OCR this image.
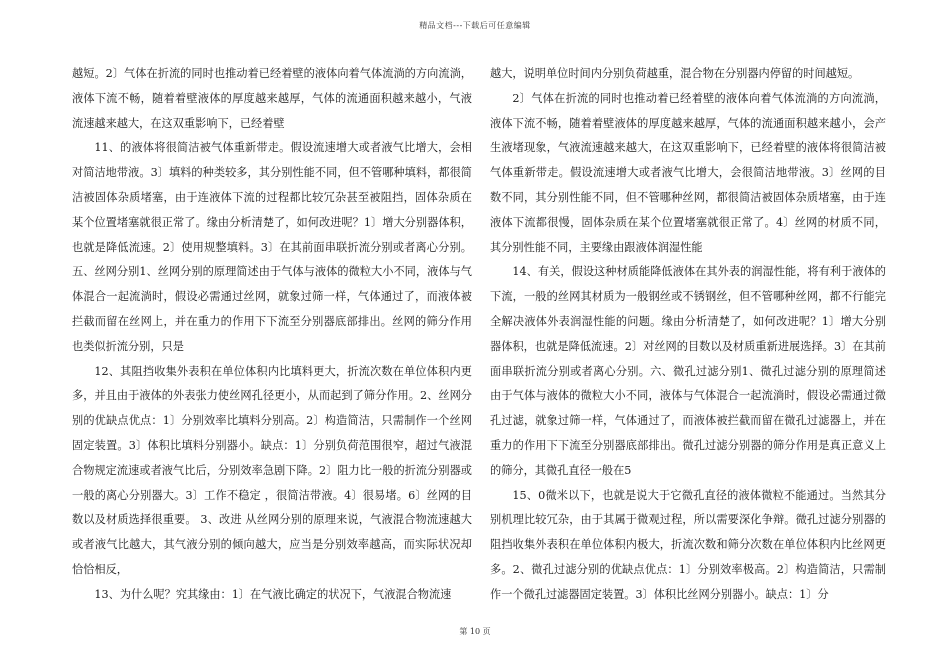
精品文档---下载后可任意编辑

越短。2〕气体在折流的同时也推动着已经着壁的液体向着气体流淌的方向流淌，液体下流不畅，随着着壁液体的厚度越来越厚，气体的流通面积越来越小，气液流速越来越大，在这双重影响下，已经着壁

11、的液体将很简洁被气体重新带走。假设流速增大或者液气比增大，会相对简洁地带液。3〕填料的种类较多，其分别性能不同，但不管哪种填料，都很简洁被固体杂质堵塞，由于连液体下流的过程都比较冗杂甚至被阻挡，固体杂质在某个位置堵塞就很正常了。缘由分析清楚了，如何改进呢？1〕增大分别器体积，也就是降低流速。2〕使用规整填料。3〕在其前面串联折流分别或者离心分别。五、丝网分别1、丝网分别的原理简述由于气体与液体的微粒大小不同，液体与气体混合一起流淌时，假设必需通过丝网，就象过筛一样，气体通过了，而液体被拦截而留在丝网上，并在重力的作用下下流至分别器底部排出。丝网的筛分作用也类似折流分别，只是

12、其阻挡收集外表积在单位体积内比填料更大，折流次数在单位体积内更多，并且由于液体的外表张力使丝网孔径更小，从而起到了筛分作用。2、丝网分别的优缺点优点：1〕分别效率比填料分别高。2〕构造简洁，只需制作一个丝网固定装置。3〕体积比填料分别器小。缺点：1〕分别负荷范围很窄，超过气液混合物规定流速或者液气比后，分别效率急剧下降。2〕阻力比一般的折流分别器或一般的离心分别器大。3〕工作不稳定 ，很简洁带液。4〕很易堵。6〕丝网的目数以及材质选择很重要。 3、改进 从丝网分别的原理来说，气液混合物流速越大或者液气比越大，其气液分别的倾向越大，应当是分别效率越高，而实际状况却恰恰相反，

13、为什么呢？究其缘由：1〕在气液比确定的状况下，气液混合物流速

越大，说明单位时间内分别负荷越重，混合物在分别器内停留的时间越短。

2〕气体在折流的同时也推动着已经着壁的液体向着气体流淌的方向流淌，液体下流不畅，随着着壁液体的厚度越来越厚，气体的流通面积越来越小，会产生液堵现象，气液流速越来越大，在这双重影响下，已经着壁的液体将很简洁被气体重新带走。假设流速增大或者液气比增大，会很简洁地带液。3〕丝网的目数不同，其分别性能不同，但不管哪种丝网，都很简洁被固体杂质堵塞，由于连液体下流都很慢，固体杂质在某个位置堵塞就很正常了。4〕丝网的材质不同，其分别性能不同，主要缘由跟液体润湿性能

14、有关，假设这种材质能降低液体在其外表的润湿性能，将有利于液体的下流，一般的丝网其材质为一般钢丝或不锈钢丝，但不管哪种丝网，都不行能完全解决液体外表润湿性能的问题。缘由分析清楚了，如何改进呢？1〕增大分别器体积，也就是降低流速。2〕对丝网的目数以及材质重新进展选择。3〕在其前面串联折流分别或者离心分别。六、微孔过滤分别1、微孔过滤分别的原理简述由于气体与液体的微粒大小不同，液体与气体混合一起流淌时，假设必需通过微孔过滤，就象过筛一样，气体通过了，而液体被拦截而留在微孔过滤器上，并在重力的作用下下流至分别器底部排出。微孔过滤分别器的筛分作用是真正意义上的筛分，其微孔直径一般在5

15、0微米以下，也就是说大于它微孔直径的液体微粒不能通过。当然其分别机理比较冗杂，由于其属于微观过程，所以需要深化争辩。微孔过滤分别器的阻挡收集外表积在单位体积内极大，折流次数和筛分次数在单位体积内比丝网更多。2、微孔过滤分别的优缺点优点：1〕分别效率极高。2〕构造简洁，只需制作一个微孔过滤器固定装置。3〕体积比丝网分别器小。缺点：1〕分

第 10 页
